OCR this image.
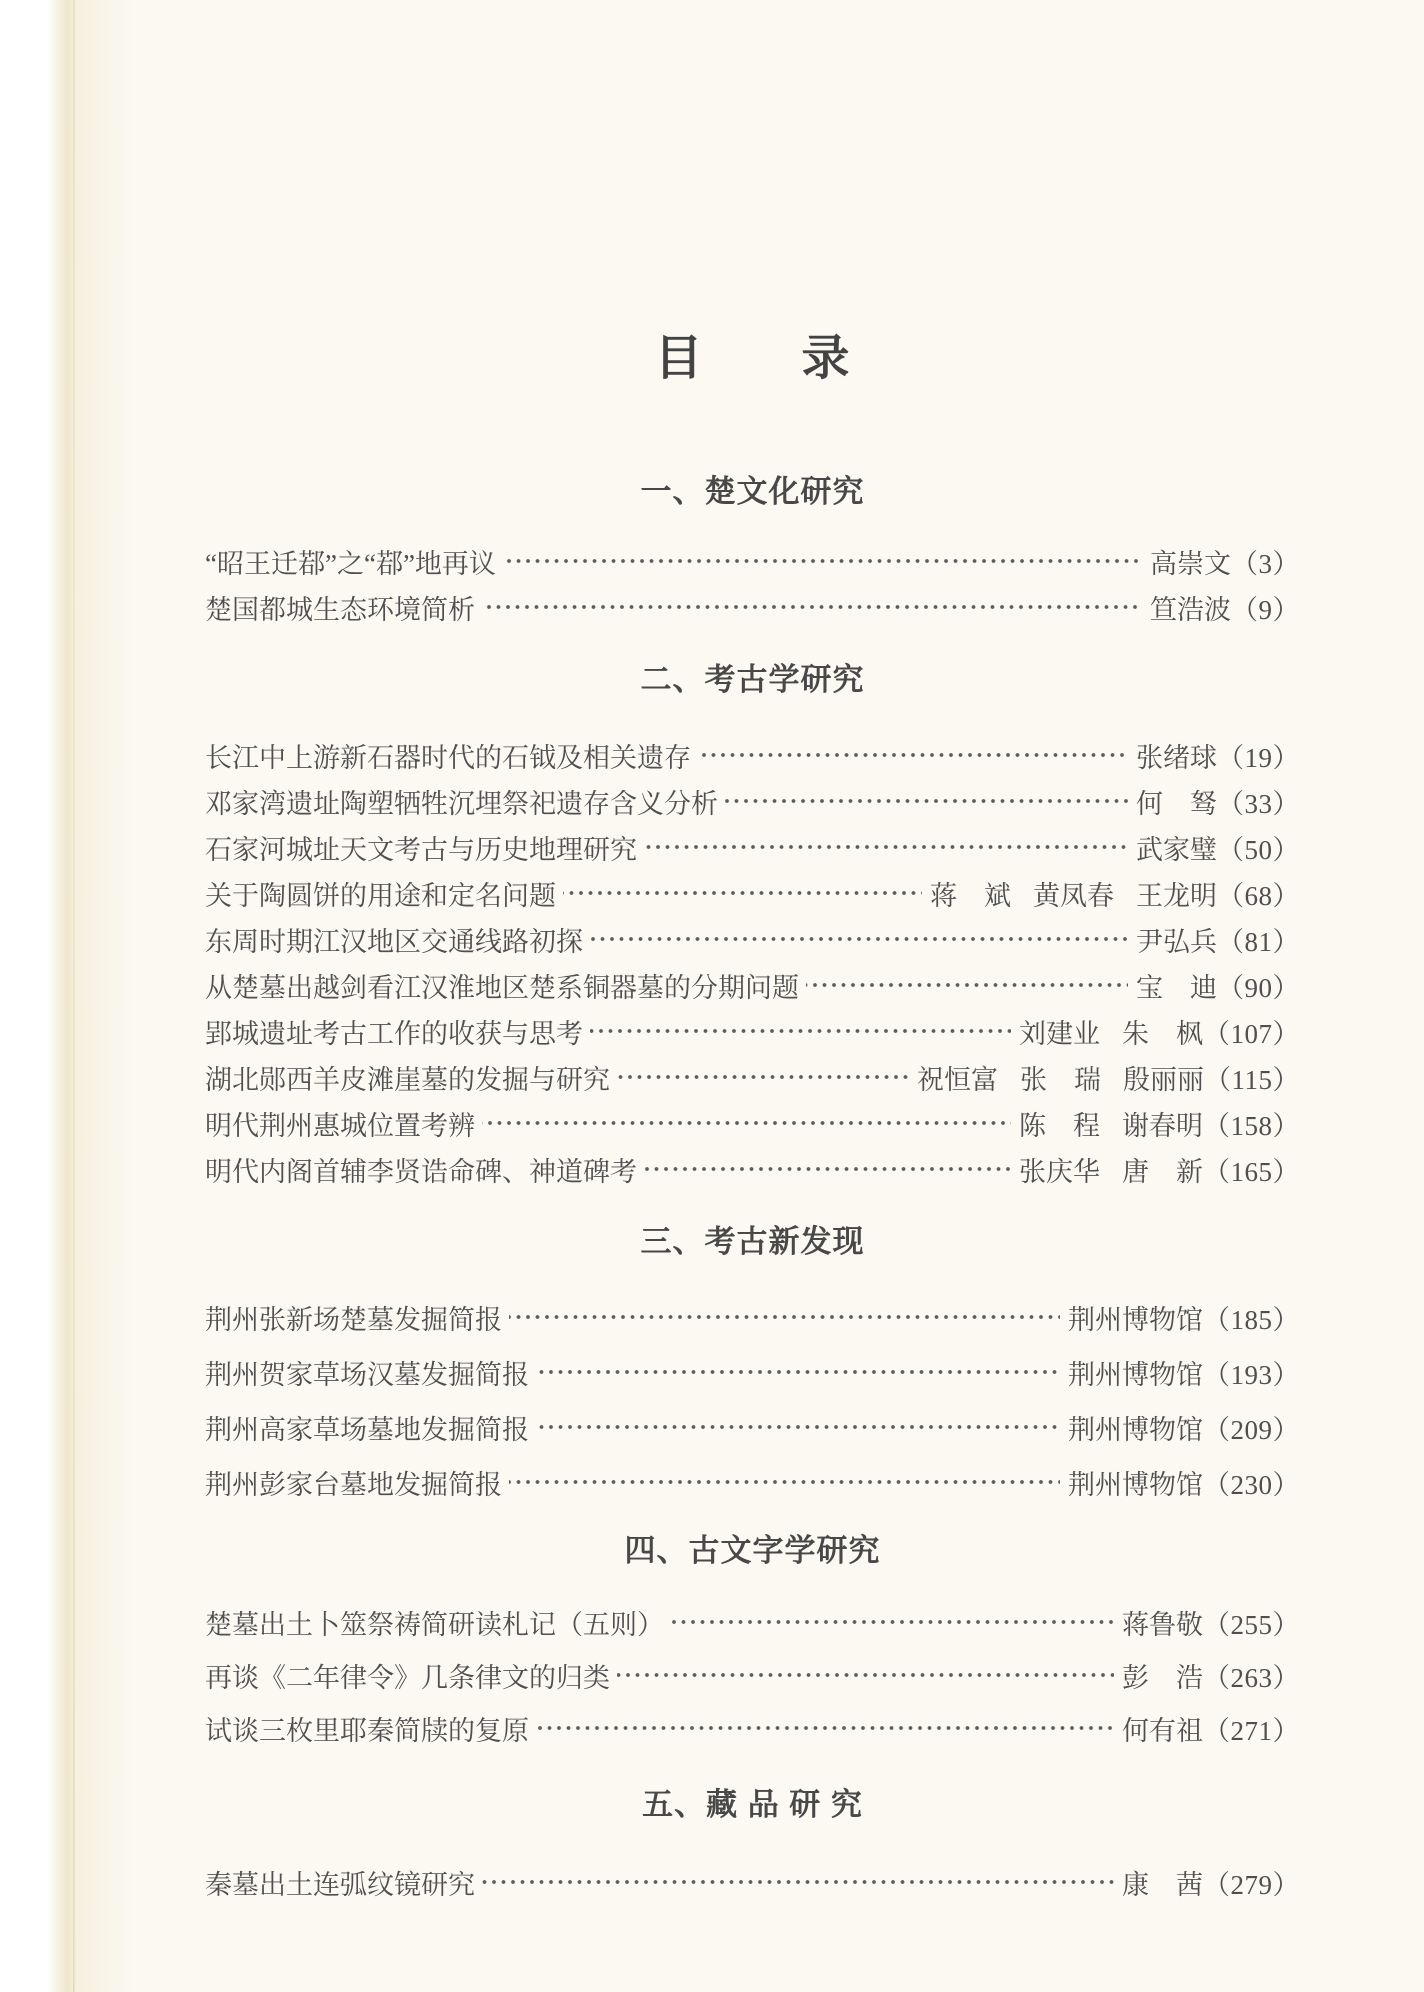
目　　录
一、楚文化研究
“昭王迁鄀”之“鄀”地再议	高崇文 （3）
楚国都城生态环境简析	笪浩波 （9）
二、考古学研究
长江中上游新石器时代的石钺及相关遗存	张绪球 （19）
邓家湾遗址陶塑牺牲沉埋祭祀遗存含义分析	何　驽 （33）
石家河城址天文考古与历史地理研究	武家璧 （50）
关于陶圆饼的用途和定名问题	蒋　斌 黄凤春 王龙明 （68）
东周时期江汉地区交通线路初探	尹弘兵 （81）
从楚墓出越剑看江汉淮地区楚系铜器墓的分期问题	宝　迪 （90）
郢城遗址考古工作的收获与思考	刘建业 朱　枫 （107）
湖北郧西羊皮滩崖墓的发掘与研究	祝恒富 张　瑞 殷丽丽 （115）
明代荆州惠城位置考辨	陈　程 谢春明 （158）
明代内阁首辅李贤诰命碑、神道碑考	张庆华 唐　新 （165）
三、考古新发现
荆州张新场楚墓发掘简报	荆州博物馆 （185）
荆州贺家草场汉墓发掘简报	荆州博物馆 （193）
荆州高家草场墓地发掘简报	荆州博物馆 （209）
荆州彭家台墓地发掘简报	荆州博物馆 （230）
四、古文字学研究
楚墓出土卜筮祭祷简研读札记（五则）	蒋鲁敬 （255）
再谈《二年律令》几条律文的归类	彭　浩 （263）
试谈三枚里耶秦简牍的复原	何有祖 （271）
五、藏 品 研 究
秦墓出土连弧纹镜研究	康　茜 （279）
